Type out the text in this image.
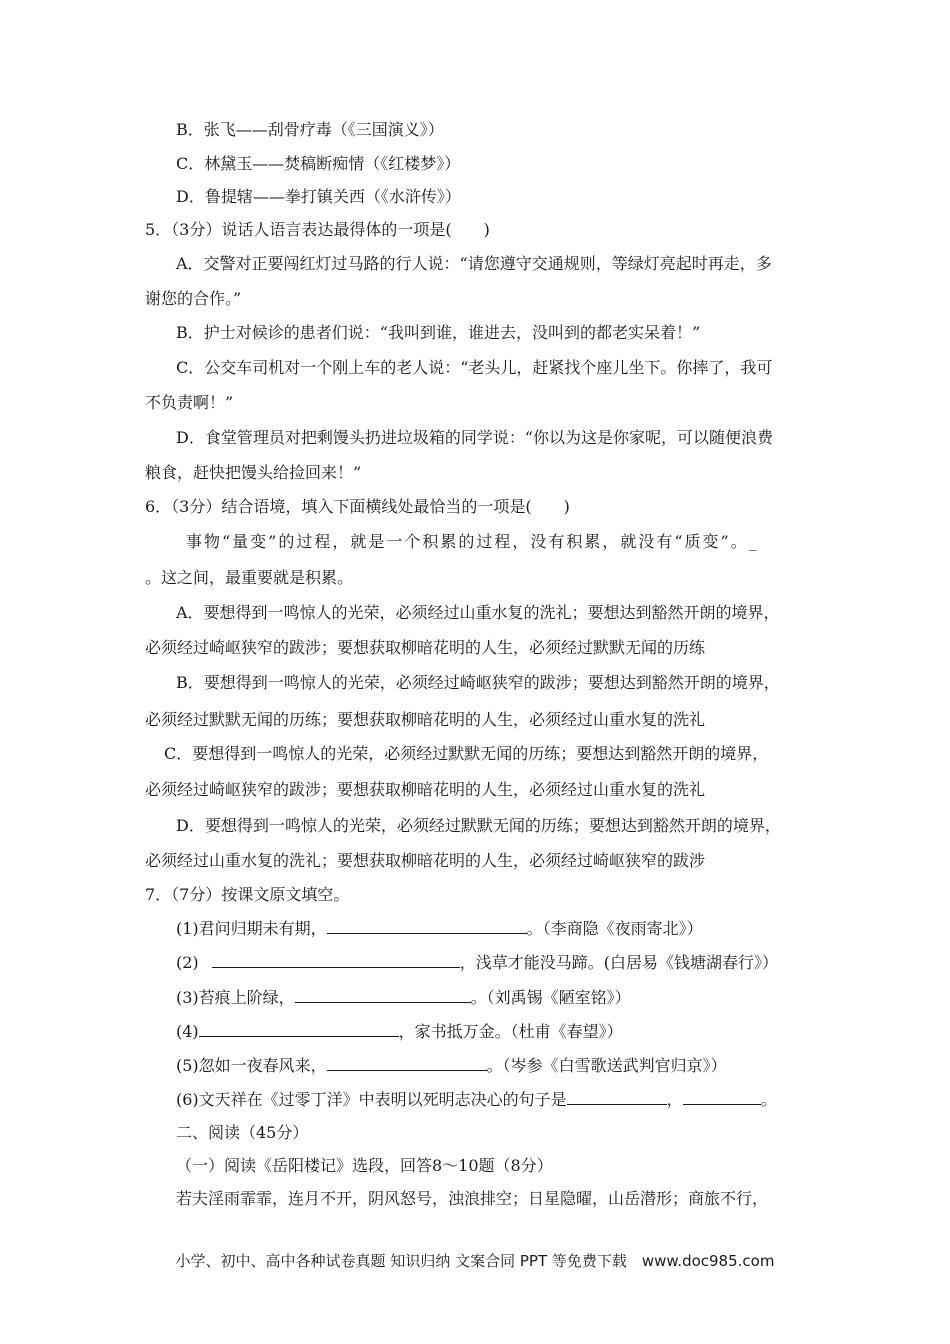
B．张飞——刮骨疗毒（《三国演义》）
C．林黛玉——焚稿断痴情（《红楼梦》）
D．鲁提辖——拳打镇关西（《水浒传》）
5．（3分）说话人语言表达最得体的一项是(　　)
A．交警对正要闯红灯过马路的行人说：“请您遵守交通规则，等绿灯亮起时再走，多
谢您的合作。”
B．护士对候诊的患者们说：“我叫到谁，谁进去，没叫到的都老实呆着！”
C．公交车司机对一个刚上车的老人说：“老头儿，赶紧找个座儿坐下。你摔了，我可
不负责啊！”
D．食堂管理员对把剩馒头扔进垃圾箱的同学说：“你以为这是你家呢，可以随便浪费
粮食，赶快把馒头给捡回来！”
6．（3分）结合语境，填入下面横线处最恰当的一项是(　　)
事物“量变”的过程，就是一个积累的过程，没有积累，就没有“质变”。_
。这之间，最重要就是积累。
A．要想得到一鸣惊人的光荣，必须经过山重水复的洗礼；要想达到豁然开朗的境界，
必须经过崎岖狭窄的跋涉；要想获取柳暗花明的人生，必须经过默默无闻的历练
B．要想得到一鸣惊人的光荣，必须经过崎岖狭窄的跋涉；要想达到豁然开朗的境界，
必须经过默默无闻的历练；要想获取柳暗花明的人生，必须经过山重水复的洗礼
C．要想得到一鸣惊人的光荣，必须经过默默无闻的历练；要想达到豁然开朗的境界，
必须经过崎岖狭窄的跋涉；要想获取柳暗花明的人生，必须经过山重水复的洗礼
D．要想得到一鸣惊人的光荣，必须经过默默无闻的历练；要想达到豁然开朗的境界，
必须经过山重水复的洗礼；要想获取柳暗花明的人生，必须经过崎岖狭窄的跋涉
7．（7分）按课文原文填空。
(1)君问归期未有期，	。（李商隐《夜雨寄北》）
(2)	，浅草才能没马蹄。(白居易《钱塘湖春行》）
(3)苔痕上阶绿，	。（刘禹锡《陋室铭》）
(4)	，家书抵万金。（杜甫《春望》）
(5)忽如一夜春风来，	。（岑参《白雪歌送武判官归京》）
(6)文天祥在《过零丁洋》中表明以死明志决心的句子是	，	。
二、阅读（45分）
（一）阅读《岳阳楼记》选段，回答8～10题（8分）
若夫淫雨霏霏，连月不开，阴风怒号，浊浪排空；日星隐曜，山岳潜形；商旅不行，
小学、初中、高中各种试卷真题 知识归纳 文案合同 PPT 等免费下载　www.doc985.com
